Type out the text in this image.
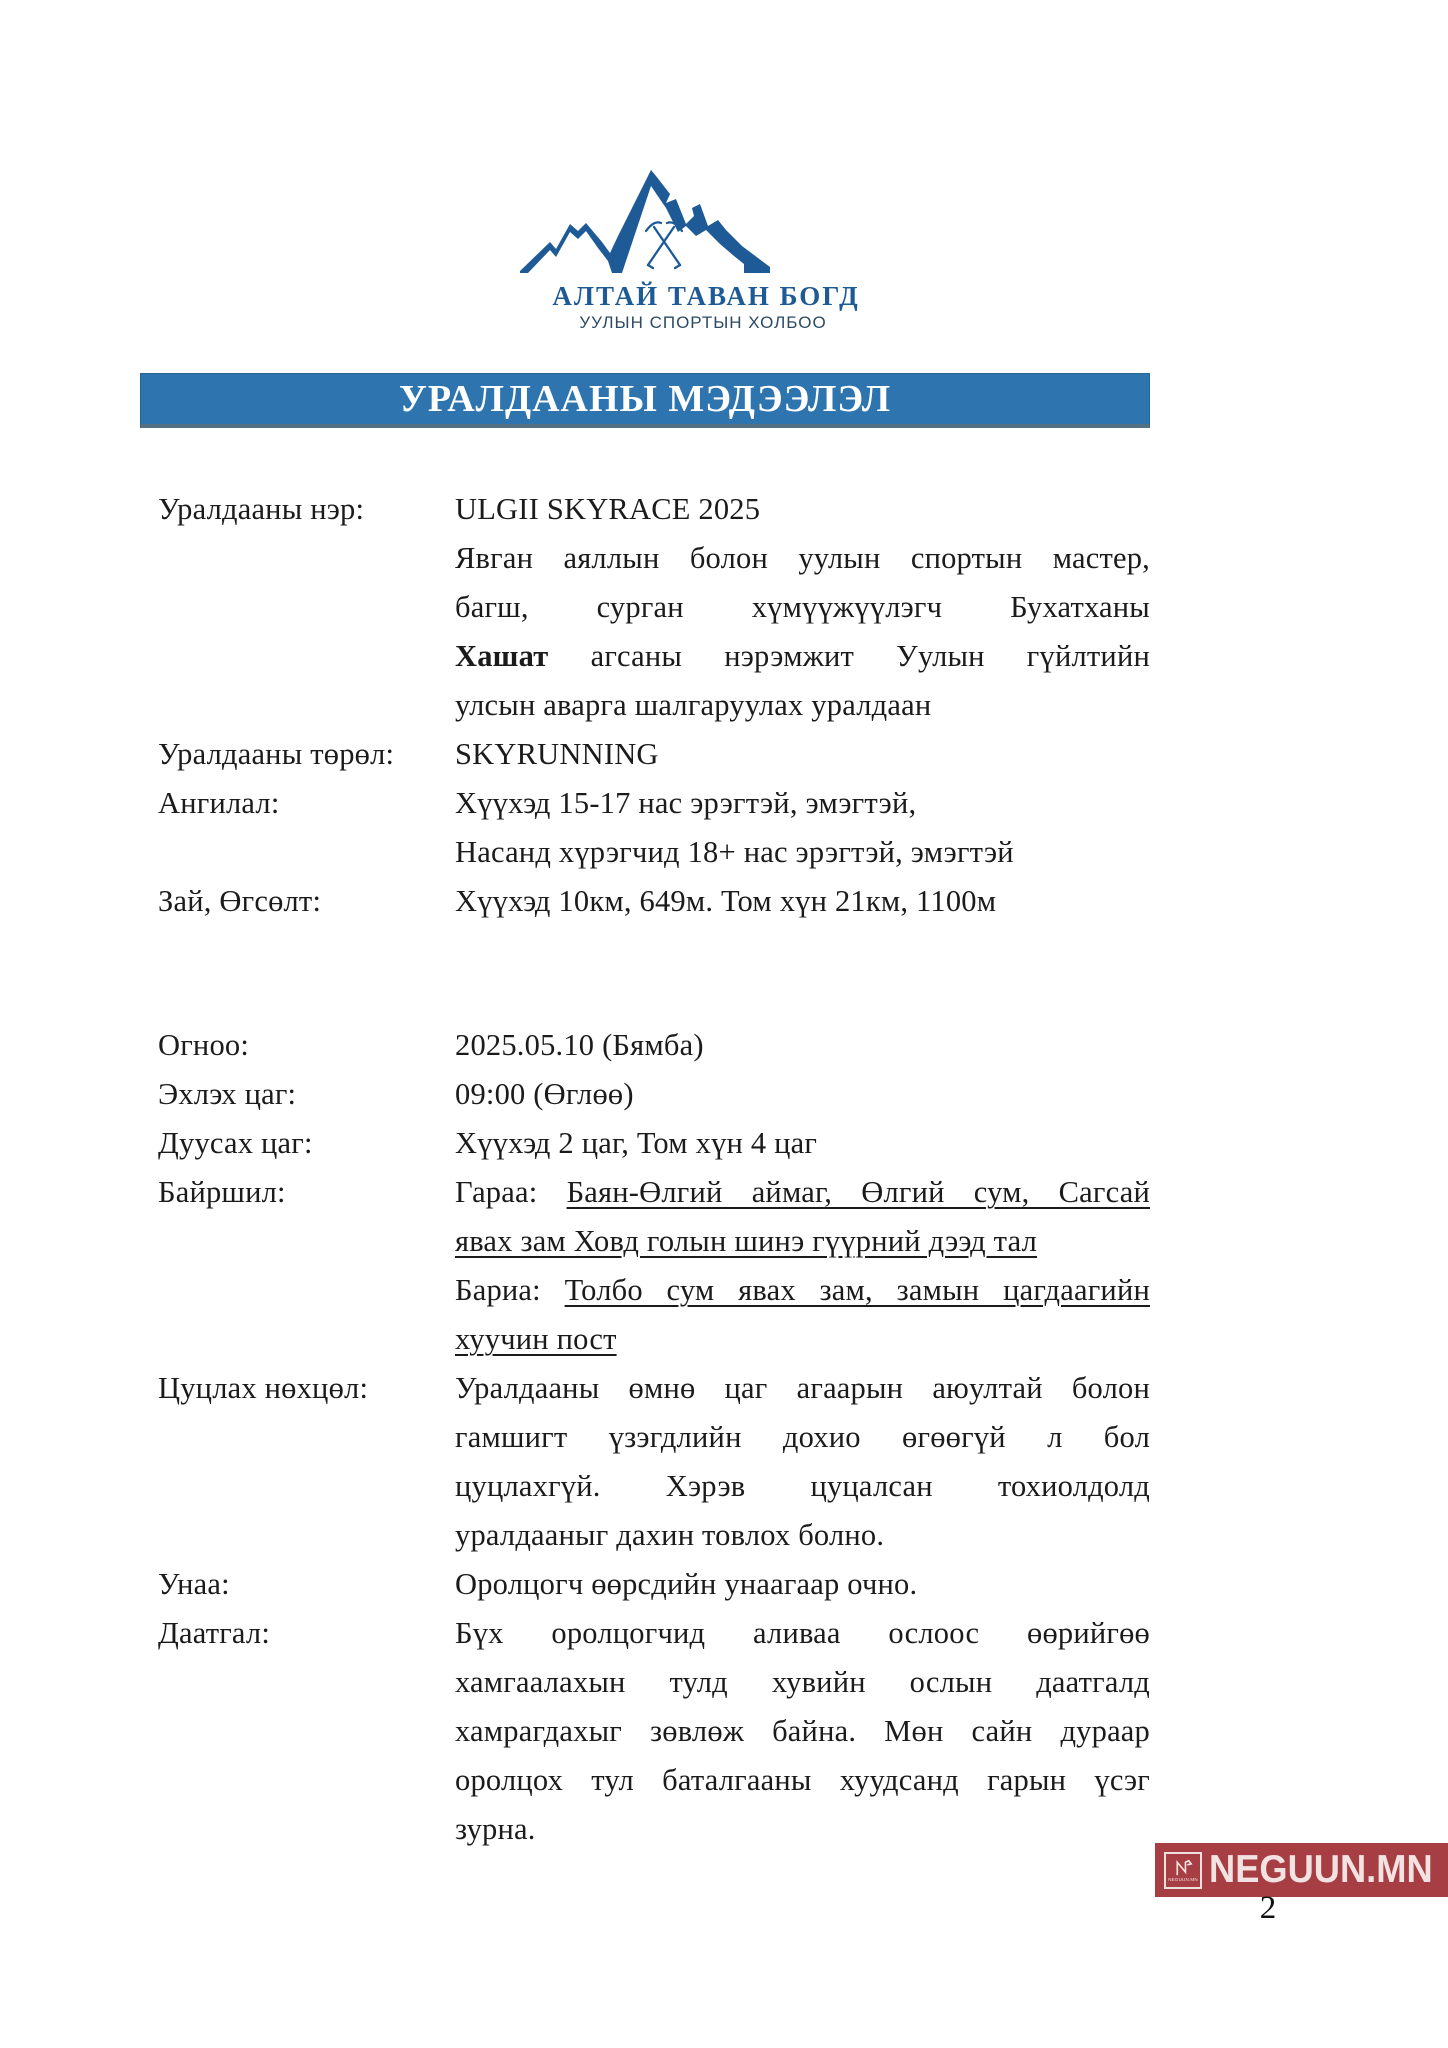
АЛТАЙ ТАВАН БОГД
УУЛЫН СПОРТЫН ХОЛБОО
УРАЛДААНЫ МЭДЭЭЛЭЛ
Уралдааны нэр:	ULGII SKYRACE 2025
Явган аяллын болон уулын спортын мастер,
багш, сурган хүмүүжүүлэгч Бухатханы
Хашат агсаны нэрэмжит Уулын гүйлтийн
улсын аварга шалгаруулах уралдаан
Уралдааны төрөл:	SKYRUNNING
Ангилал:	Хүүхэд 15-17 нас эрэгтэй, эмэгтэй,
Насанд хүрэгчид 18+ нас эрэгтэй, эмэгтэй
Зай, Өгсөлт:	Хүүхэд 10км, 649м. Том хүн 21км, 1100м
Огноо:	2025.05.10 (Бямба)
Эхлэх цаг:	09:00 (Өглөө)
Дуусах цаг:	Хүүхэд 2 цаг, Том хүн 4 цаг
Байршил:	Гараа: Баян-Өлгий аймаг, Өлгий сум, Сагсай
явах зам Ховд голын шинэ гүүрний дээд тал
Бариа: Толбо сум явах зам, замын цагдаагийн
хуучин пост
Цуцлах нөхцөл:	Уралдааны өмнө цаг агаарын аюултай болон
гамшигт үзэгдлийн дохио өгөөгүй л бол
цуцлахгүй. Хэрэв цуцалсан тохиолдолд
уралдааныг дахин товлох болно.
Унаа:	Оролцогч өөрсдийн унаагаар очно.
Даатгал:	Бүх оролцогчид аливаа ослоос өөрийгөө
хамгаалахын тулд хувийн ослын даатгалд
хамрагдахыг зөвлөж байна. Мөн сайн дураар
оролцох тул баталгааны хуудсанд гарын үсэг
зурна.
NEGUUN.MN NEGUUN.MN
2
